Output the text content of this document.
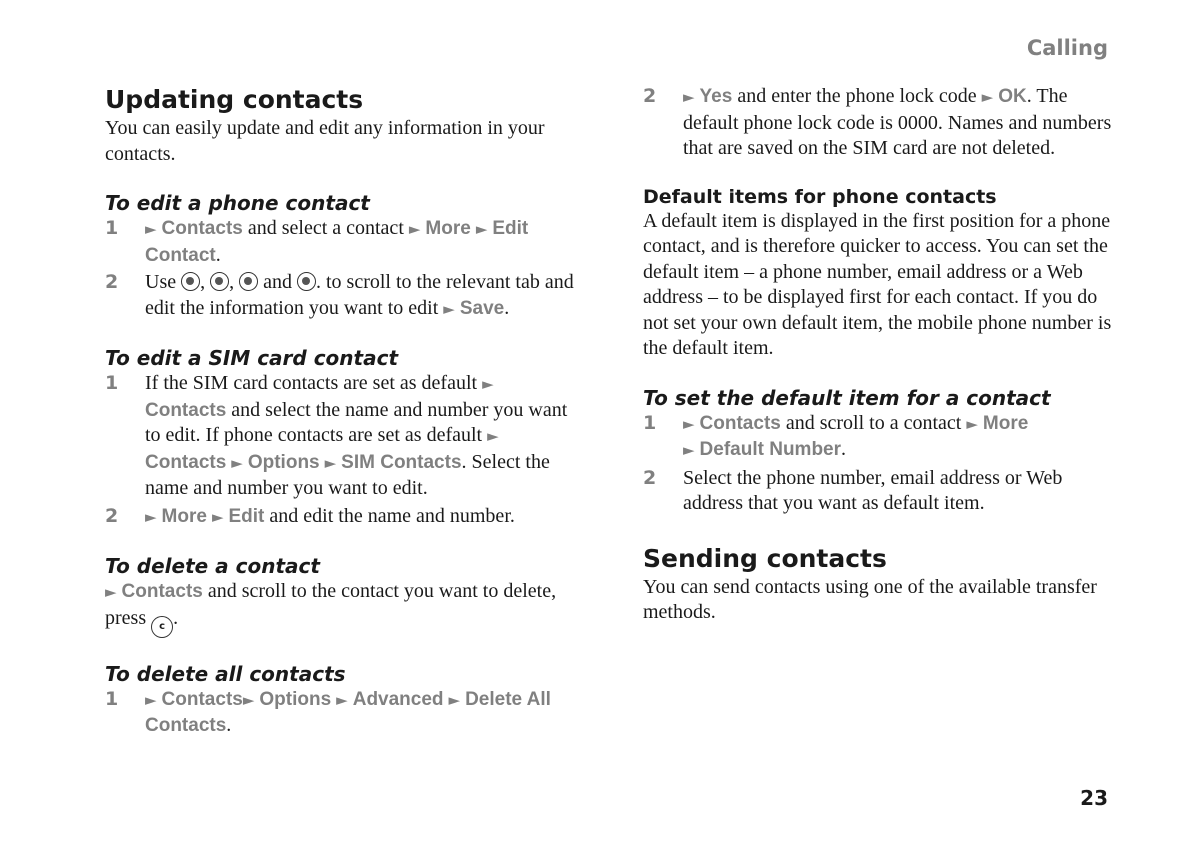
Calling
Updating contacts

You can easily update and edit any information in your contacts.

To edit a phone contact
1 ► Contacts and select a contact ► More ► Edit Contact.
2 Use , ,  and . to scroll to the relevant tab and edit the information you want to edit ► Save.
To edit a SIM card contact
1 If the SIM card contacts are set as default ► Contacts and select the name and number you want to edit. If phone contacts are set as default ► Contacts ► Options ► SIM Contacts. Select the name and number you want to edit.
2 ► More ► Edit and edit the name and number.
To delete a contact

► Contacts and scroll to the contact you want to delete, press c .

To delete all contacts
1 ► Contacts► Options ► Advanced ► Delete All Contacts.
2 ► Yes and enter the phone lock code ► OK. The default phone lock code is 0000. Names and numbers that are saved on the SIM card are not deleted.
Default items for phone contacts

A default item is displayed in the first position for a phone contact, and is therefore quicker to access. You can set the default item – a phone number, email address or a Web address – to be displayed first for each contact. If you do not set your own default item, the mobile phone number is the default item.

To set the default item for a contact
1 ► Contacts and scroll to a contact ► More
► Default Number.
2 Select the phone number, email address or Web address that you want as default item.
Sending contacts

You can send contacts using one of the available transfer methods.

23
